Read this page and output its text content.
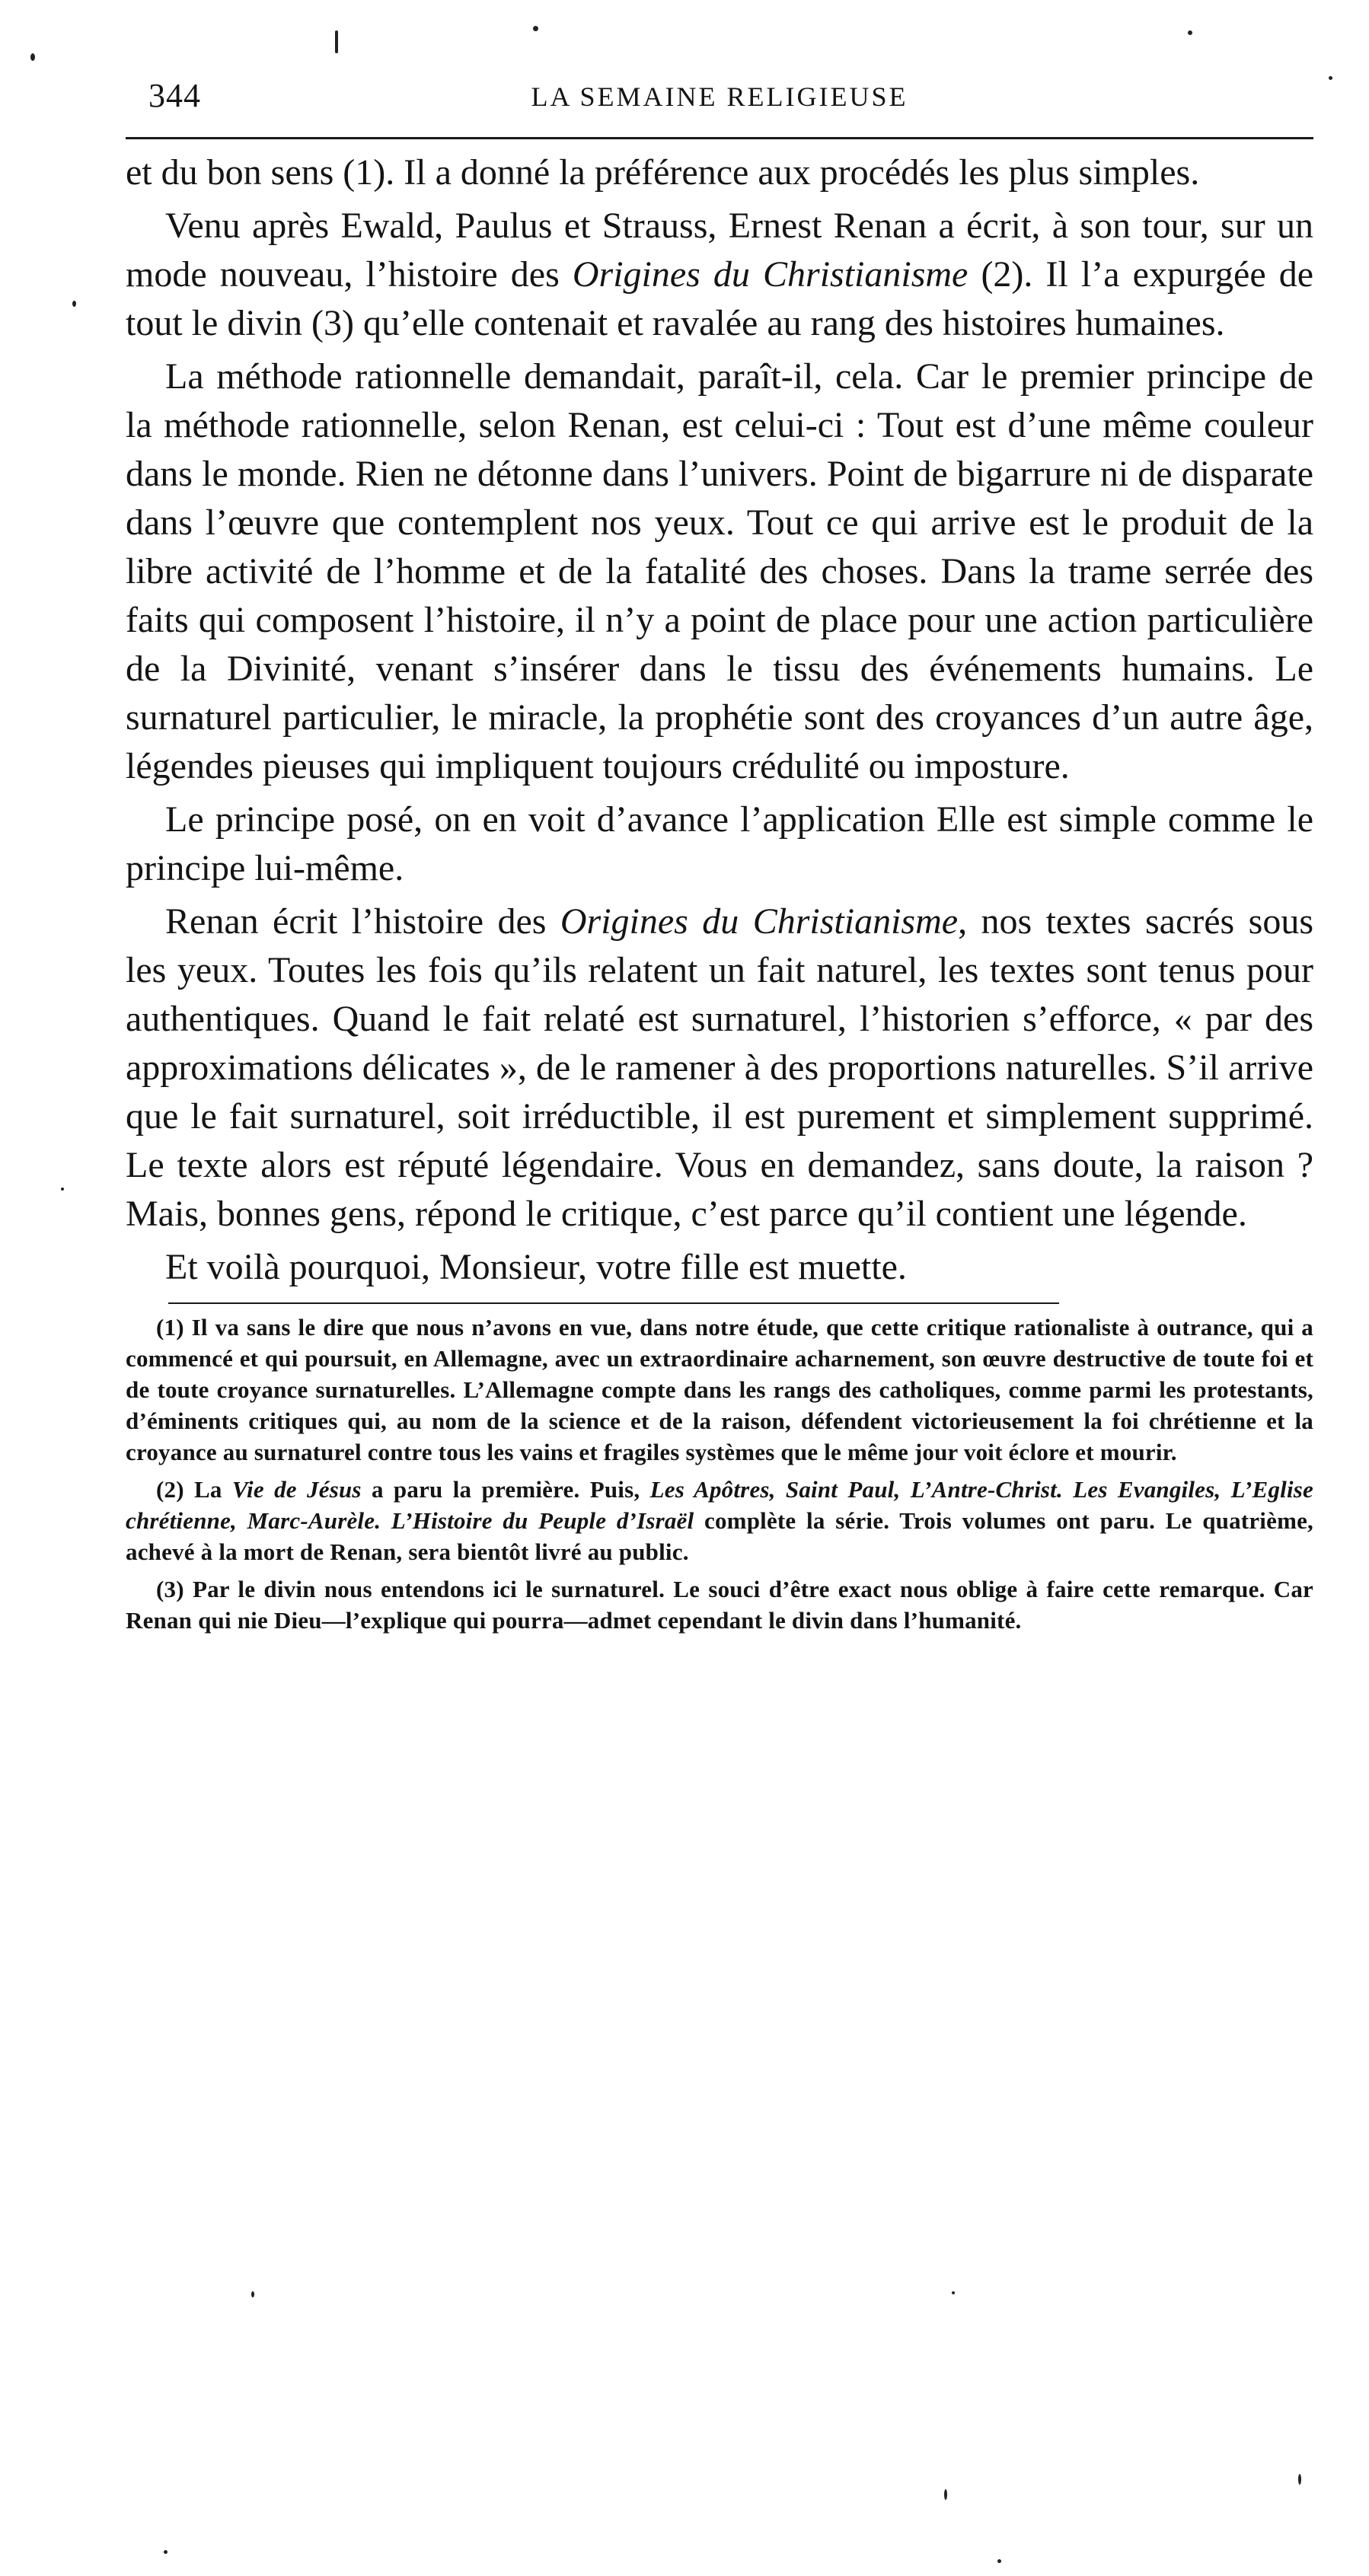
344	LA SEMAINE RELIGIEUSE

et du bon sens (1). Il a donné la préférence aux procédés les plus simples.

Venu après Ewald, Paulus et Strauss, Ernest Renan a écrit, à son tour, sur un mode nouveau, l’histoire des Origines du Christianisme (2). Il l’a expurgée de tout le divin (3) qu’elle contenait et ravalée au rang des histoires humaines.

La méthode rationnelle demandait, paraît-il, cela. Car le premier principe de la méthode rationnelle, selon Renan, est celui-ci : Tout est d’une même couleur dans le monde. Rien ne détonne dans l’univers. Point de bigarrure ni de disparate dans l’œuvre que contemplent nos yeux. Tout ce qui arrive est le produit de la libre activité de l’homme et de la fatalité des choses. Dans la trame serrée des faits qui composent l’histoire, il n’y a point de place pour une action particulière de la Divinité, venant s’insérer dans le tissu des événements humains. Le surnaturel particulier, le miracle, la prophétie sont des croyances d’un autre âge, légendes pieuses qui impliquent toujours crédulité ou imposture.

Le principe posé, on en voit d’avance l’application Elle est simple comme le principe lui-même.

Renan écrit l’histoire des Origines du Christianisme, nos textes sacrés sous les yeux. Toutes les fois qu’ils relatent un fait naturel, les textes sont tenus pour authentiques. Quand le fait relaté est surnaturel, l’historien s’efforce, « par des approximations délicates », de le ramener à des proportions naturelles. S’il arrive que le fait surnaturel, soit irréductible, il est purement et simplement supprimé. Le texte alors est réputé légendaire. Vous en demandez, sans doute, la raison ? Mais, bonnes gens, répond le critique, c’est parce qu’il contient une légende.

Et voilà pourquoi, Monsieur, votre fille est muette.

(1) Il va sans le dire que nous n’avons en vue, dans notre étude, que cette critique rationaliste à outrance, qui a commencé et qui poursuit, en Allemagne, avec un extraordinaire acharnement, son œuvre destructive de toute foi et de toute croyance surnaturelles. L’Allemagne compte dans les rangs des catholiques, comme parmi les protestants, d’éminents critiques qui, au nom de la science et de la raison, défendent victorieusement la foi chrétienne et la croyance au surnaturel contre tous les vains et fragiles systèmes que le même jour voit éclore et mourir.

(2) La Vie de Jésus a paru la première. Puis, Les Apôtres, Saint Paul, L’Antre-Christ. Les Evangiles, L’Eglise chrétienne, Marc-Aurèle. L’Histoire du Peuple d’Israël complète la série. Trois volumes ont paru. Le quatrième, achevé à la mort de Renan, sera bientôt livré au public.

(3) Par le divin nous entendons ici le surnaturel. Le souci d’être exact nous oblige à faire cette remarque. Car Renan qui nie Dieu—l’explique qui pourra—admet cependant le divin dans l’humanité.
